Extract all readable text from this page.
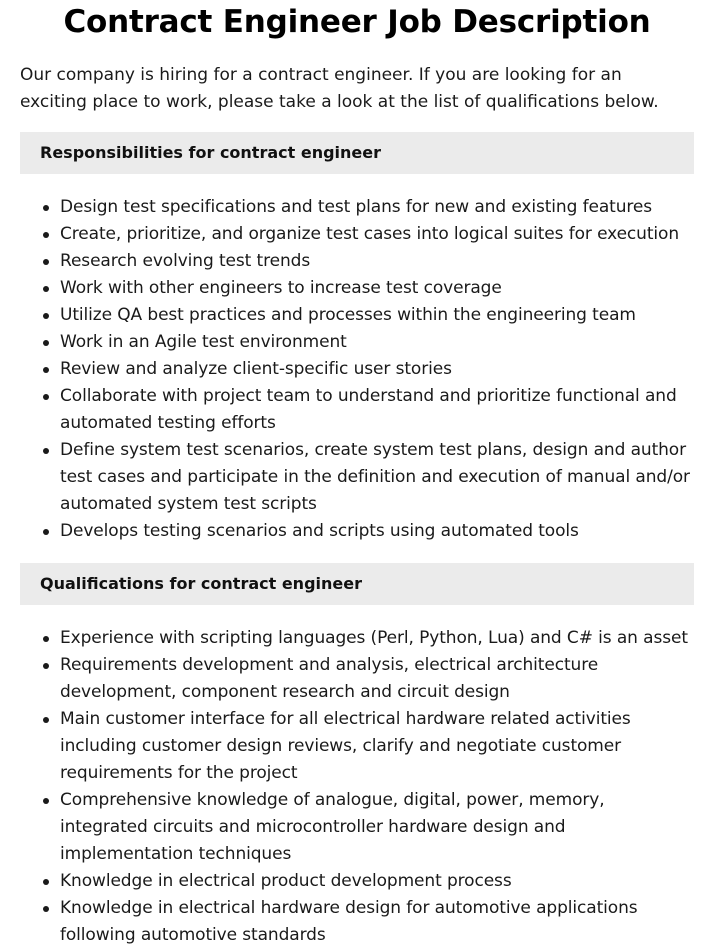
Contract Engineer Job Description

Our company is hiring for a contract engineer. If you are looking for an exciting place to work, please take a look at the list of qualifications below.

Responsibilities for contract engineer
Design test specifications and test plans for new and existing features
Create, prioritize, and organize test cases into logical suites for execution
Research evolving test trends
Work with other engineers to increase test coverage
Utilize QA best practices and processes within the engineering team
Work in an Agile test environment
Review and analyze client-specific user stories
Collaborate with project team to understand and prioritize functional and automated testing efforts
Define system test scenarios, create system test plans, design and author test cases and participate in the definition and execution of manual and/or automated system test scripts
Develops testing scenarios and scripts using automated tools
Qualifications for contract engineer
Experience with scripting languages (Perl, Python, Lua) and C# is an asset
Requirements development and analysis, electrical architecture development, component research and circuit design
Main customer interface for all electrical hardware related activities including customer design reviews, clarify and negotiate customer requirements for the project
Comprehensive knowledge of analogue, digital, power, memory, integrated circuits and microcontroller hardware design and implementation techniques
Knowledge in electrical product development process
Knowledge in electrical hardware design for automotive applications following automotive standards
